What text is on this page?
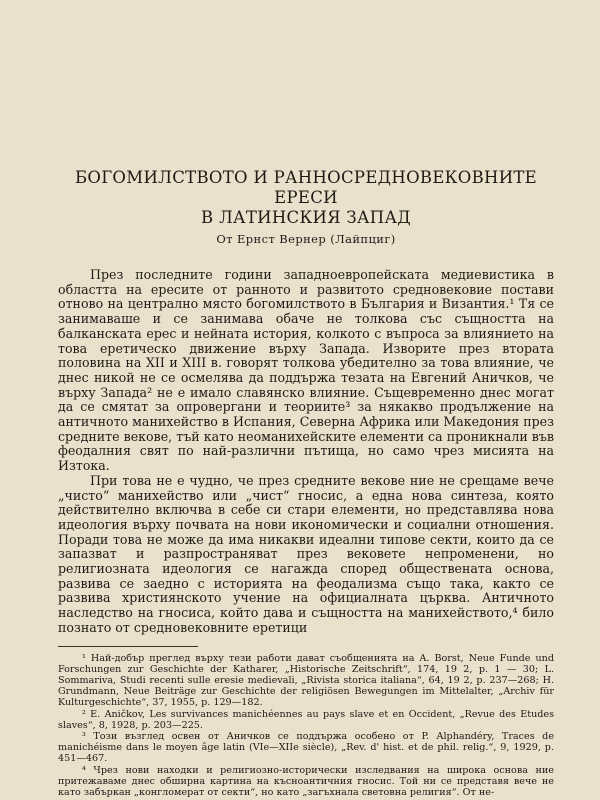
БОГОМИЛСТВОТО И РАННОСРЕДНОВЕКОВНИТЕ ЕРЕСИ
В ЛАТИНСКИЯ ЗАПАД
От Ернст Вернер (Лайпциг)

През последните години западноевропейската медиевистика в областта на ересите от ранното и развитото средновековие постави отново на централно място богомилството в България и Византия.¹ Тя се занимаваше и се занимава обаче не толкова със същността на балканската ерес и нейната история, колкото с въпроса за влиянието на това еретическо движение върху Запада. Изворите през втората половина на XII и XIII в. говорят толкова убедително за това влияние, че днес никой не се осмелява да поддържа тезата на Евгений Аничков, че върху Запада² не е имало славянско влияние. Същевременно днес могат да се смятат за опровергани и теориите³ за някакво продължение на античното манихейство в Испания, Северна Африка или Македония през средните векове, тъй като неоманихейските елементи са проникнали във феодалния свят по най-различни пътища, но само чрез мисията на Изтока.

При това не е чудно, че през средните векове ние не срещаме вече „чисто“ манихейство или „чист“ гносис, а една нова синтеза, която действително включва в себе си стари елементи, но представлява нова идеология върху почвата на нови икономически и социални отношения. Поради това не може да има никакви идеални типове секти, които да се запазват и разпространяват през вековете непроменени, но религиозната идеология се нагажда според обществената основа, развива се заедно с историята на феодализма също така, както се развива християнското учение на официалната църква. Античното наследство на гносиса, който дава и същността на манихейството,⁴ било познато от средновековните еретици

¹ Най-добър преглед върху тези работи дават съобщенията на A. Borst, Neue Funde und Forschungen zur Geschichte der Katharer, „Historische Zeitschrift“, 174, 19 2, p. 1 — 30; L. Sommariva, Studi recenti sulle eresie medievali, „Rivista storica italiana“, 64, 19 2, p. 237—268; H. Grundmann, Neue Beiträge zur Geschichte der religiösen Bewegungen im Mittelalter, „Archiv für Kulturgeschichte“, 37, 1955, p. 129—182.

² E. Aničkov, Les survivances manichéennes au pays slave et en Occident, „Revue des Etudes slaves“, 8, 1928, p. 203—225.

³ Този възглед освен от Аничков се поддържа особено от P. Alphandéry, Traces de manichéisme dans le moyen âge latin (VIe—XIIe siècle), „Rev. d' hist. et de phil. relig.“, 9, 1929, p. 451—467.

⁴ Чрез нови находки и религиозно-исторически изследвания на широка основа ние притежаваме днес обширна картина на късноантичния гносис. Той ни се представя вече не като забъркан „конгломерат от секти“, но като „загъхнала световна религия“. От не-
